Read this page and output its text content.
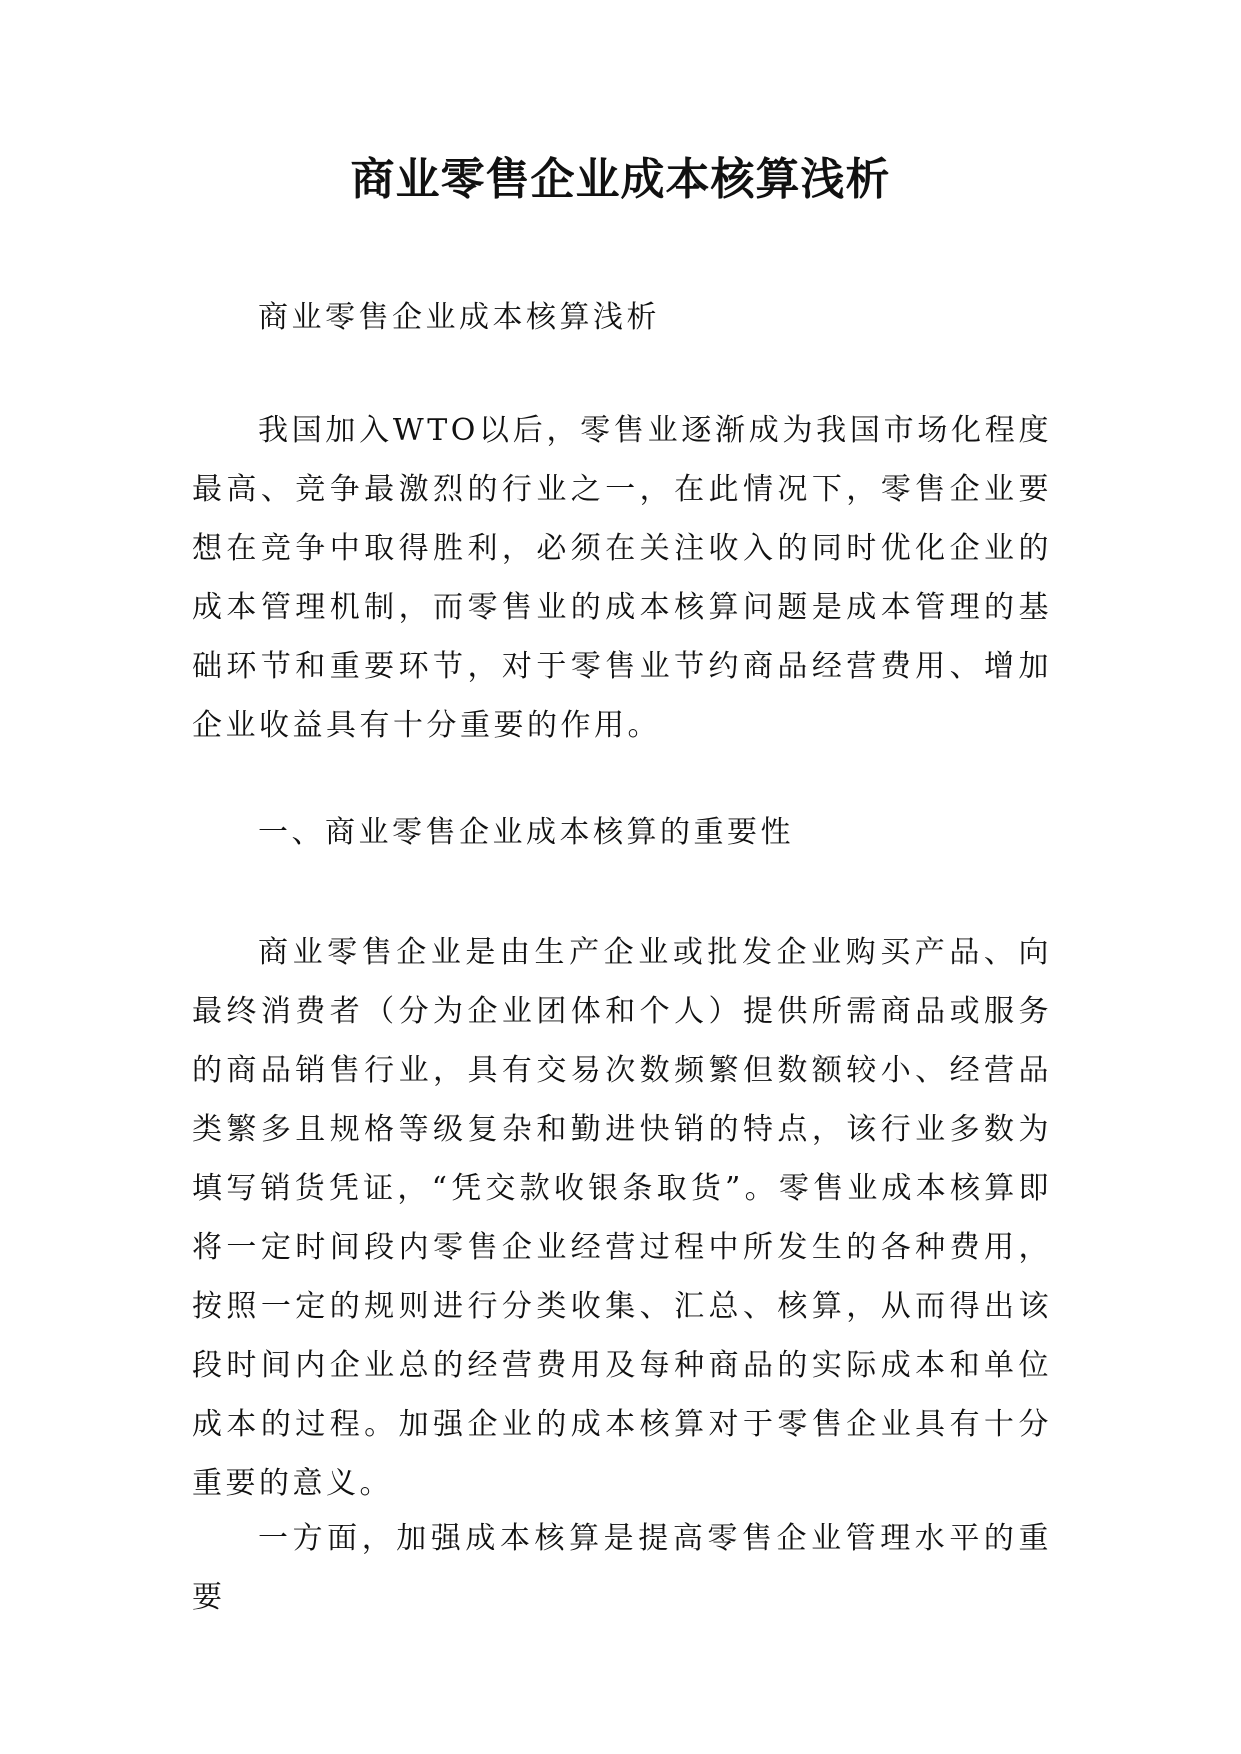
商业零售企业成本核算浅析

商业零售企业成本核算浅析

我国加入WTO以后，零售业逐渐成为我国市场化程度最高、竞争最激烈的行业之一，在此情况下，零售企业要想在竞争中取得胜利，必须在关注收入的同时优化企业的成本管理机制，而零售业的成本核算问题是成本管理的基础环节和重要环节，对于零售业节约商品经营费用、增加企业收益具有十分重要的作用。

一、商业零售企业成本核算的重要性

商业零售企业是由生产企业或批发企业购买产品、向最终消费者（分为企业团体和个人）提供所需商品或服务的商品销售行业，具有交易次数频繁但数额较小、经营品类繁多且规格等级复杂和勤进快销的特点，该行业多数为填写销货凭证，“凭交款收银条取货”。零售业成本核算即将一定时间段内零售企业经营过程中所发生的各种费用，按照一定的规则进行分类收集、汇总、核算，从而得出该段时间内企业总的经营费用及每种商品的实际成本和单位成本的过程。加强企业的成本核算对于零售企业具有十分重要的意义。

一方面，加强成本核算是提高零售企业管理水平的重要
